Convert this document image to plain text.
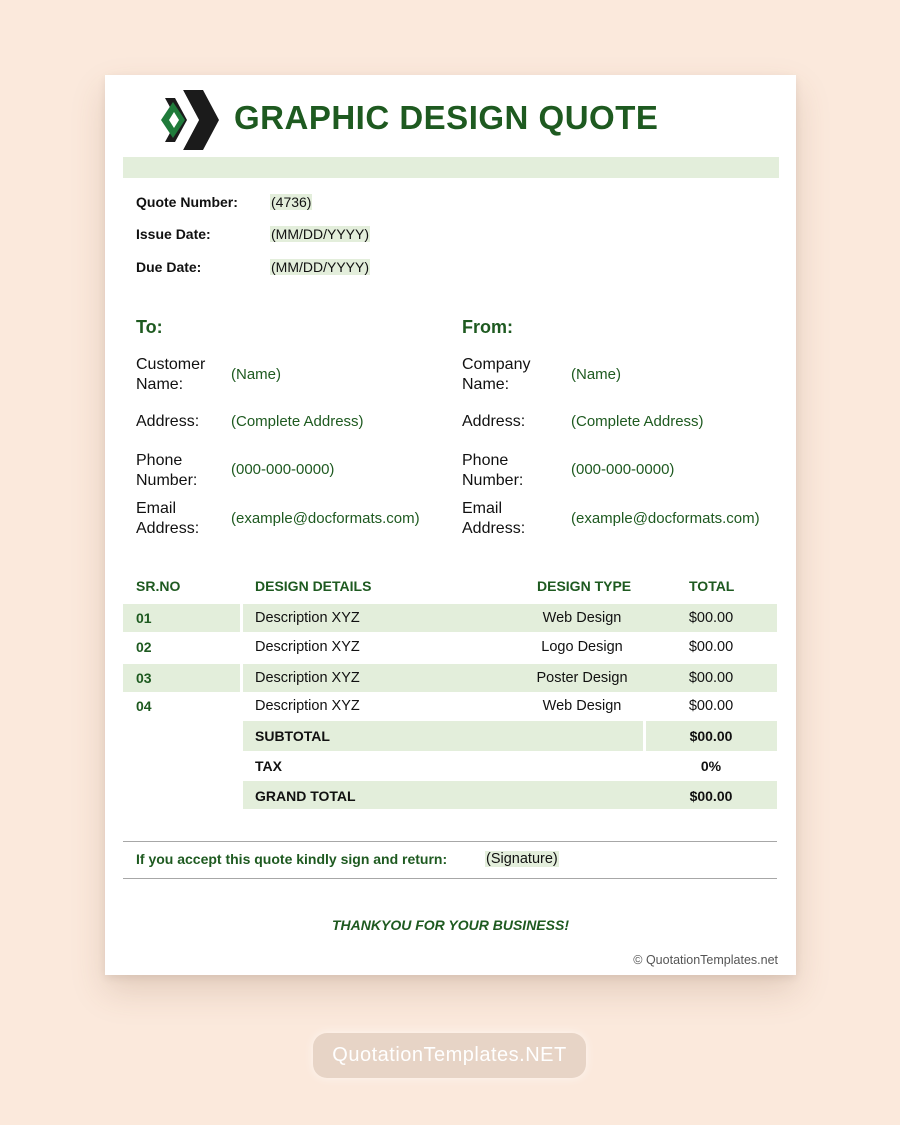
GRAPHIC DESIGN QUOTE
Quote Number: (4736)
Issue Date:	(MM/DD/YYYY)
Due Date:	(MM/DD/YYYY)
To:
Customer
Name:
(Name)
Address: (Complete Address)
Phone
Number:
(000-000-0000)
Email
Address:
(example@docformats.com)
From:
Company
Name:
(Name)
Address:	(Complete Address)
Phone
Number:
(000-000-0000)
Email
Address:
(example@docformats.com)
SR.NO	DESIGN DETAILS	DESIGN TYPE	TOTAL
01	Description XYZ	Web Design	$00.00
02	Description XYZ	Logo Design	$00.00
03	Description XYZ	Poster Design	$00.00
04	Description XYZ	Web Design	$00.00
SUBTOTAL	$00.00
TAX	0%
GRAND TOTAL	$00.00
If you accept this quote kindly sign and return:	(Signature)
THANKYOU FOR YOUR BUSINESS!
© QuotationTemplates.net
QuotationTemplates.NET
